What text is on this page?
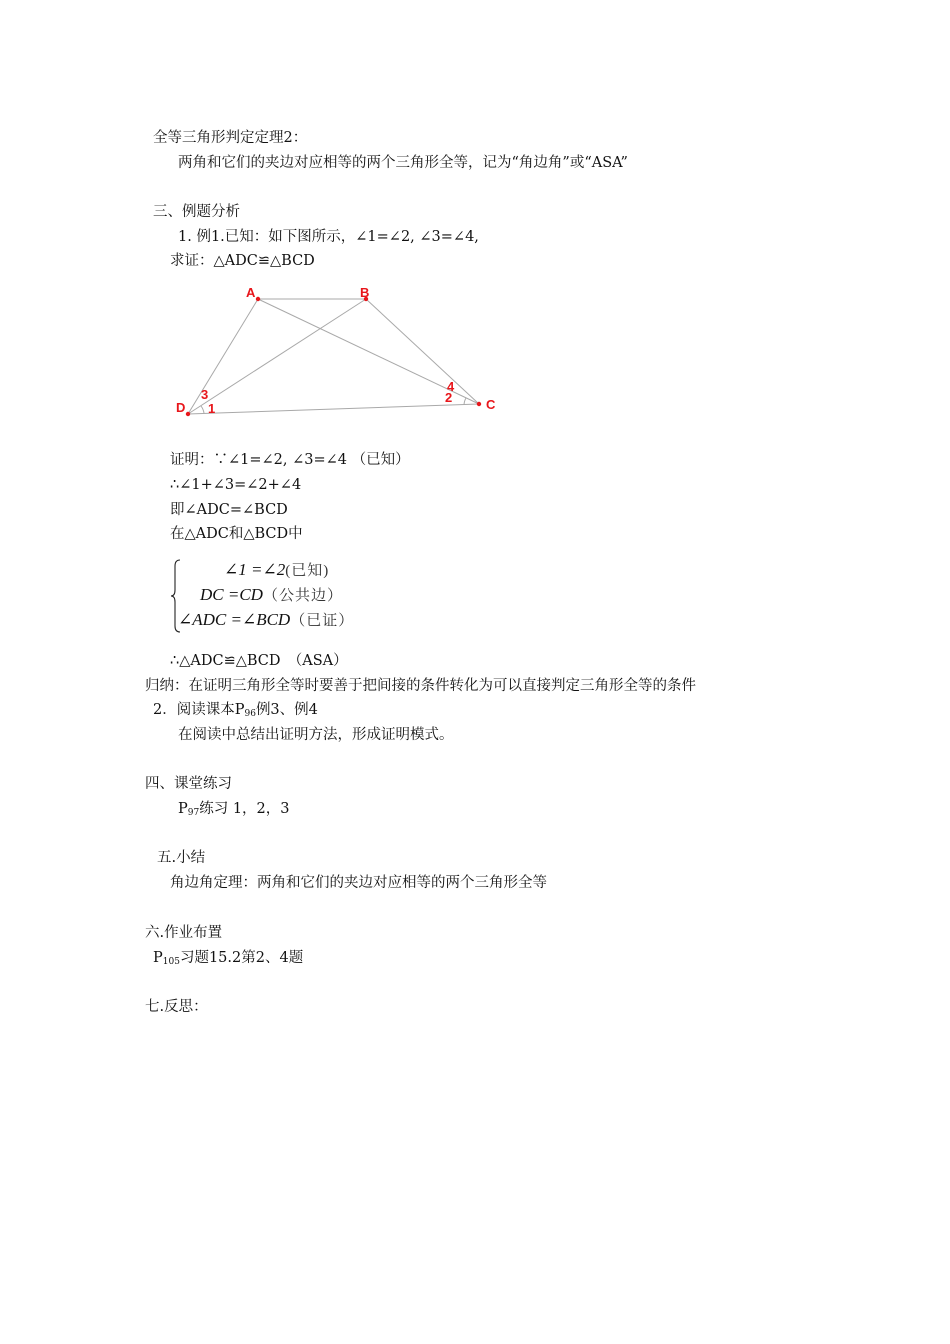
全等三角形判定定理2：
两角和它们的夹边对应相等的两个三角形全等，记为“角边角”或“ASA”
三、例题分析
1. 例1.已知：如下图所示，∠1=∠2, ∠3=∠4,
求证：△ADC≌△BCD
A	B
C
D 1
2
3
4
证明：∵∠1=∠2, ∠3=∠4 （已知）
∴∠1+∠3=∠2+∠4
即∠ADC=∠BCD
在△ADC和△BCD中
∠1 =∠2(已知)
DC =CD（公共边）
∠ADC =∠BCD（已证）
∴△ADC≌△BCD　（ASA）
归纳：在证明三角形全等时要善于把间接的条件转化为可以直接判定三角形全等的条件
2．阅读课本$P_{96}$例3、例4
在阅读中总结出证明方法，形成证明模式。
四、课堂练习
$P_{97}$练习 1，2，3
五.小结
角边角定理：两角和它们的夹边对应相等的两个三角形全等
六.作业布置
$P_{105}$习题15.2第2、4题
七.反思：
